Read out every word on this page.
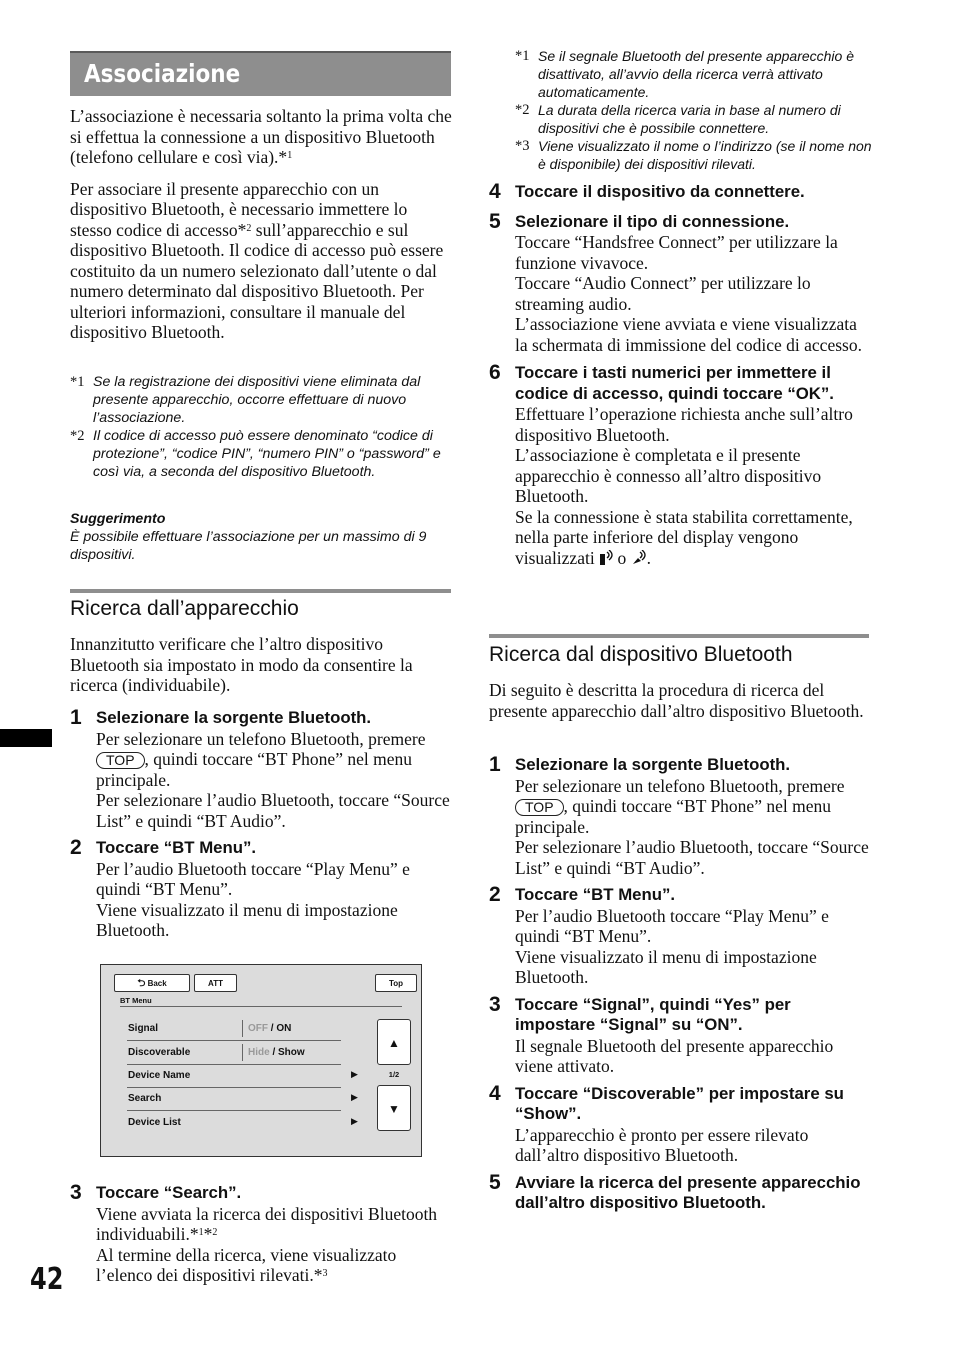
Associazione

L’associazione è necessaria soltanto la prima volta che si effettua la connessione a un dispositivo Bluetooth (telefono cellulare e così via).*$^1$

Per associare il presente apparecchio con un dispositivo Bluetooth, è necessario immettere lo stesso codice di accesso*$^2$ sull’apparecchio e sul dispositivo Bluetooth. Il codice di accesso può essere costituito da un numero selezionato dall’utente o dal numero determinato dal dispositivo Bluetooth. Per ulteriori informazioni, consultare il manuale del dispositivo Bluetooth.

*1 Se la registrazione dei dispositivi viene eliminata dal presente apparecchio, occorre effettuare di nuovo l’associazione.
*2 Il codice di accesso può essere denominato “codice di protezione”, “codice PIN”, “numero PIN” o “password” e così via, a seconda del dispositivo Bluetooth.
Suggerimento
È possibile effettuare l’associazione per un massimo di 9 dispositivi.
Ricerca dall’apparecchio
Innanzitutto verificare che l’altro dispositivo Bluetooth sia impostato in modo da consentire la ricerca (individuabile).
1 Selezionare la sorgente Bluetooth.

Per selezionare un telefono Bluetooth, premere TOP , quindi toccare “BT Phone” nel menu principale.

Per selezionare l’audio Bluetooth, toccare “Source List” e quindi “BT Audio”.

2 Toccare “BT Menu”.

Per l’audio Bluetooth toccare “Play Menu” e quindi “BT Menu”.

Viene visualizzato il menu di impostazione Bluetooth.

⮌ Back	ATT	Top
BT Menu
Signal	OFF / ON
Discoverable	Hide / Show
Device Name
Search
Device List
▶
▶
▶
▲
1/2
▼
3 Toccare “Search”.

Viene avviata la ricerca dei dispositivi Bluetooth individuabili.*$^1$*$^2$

Al termine della ricerca, viene visualizzato l’elenco dei dispositivi rilevati.*$^3$

42
*1 Se il segnale Bluetooth del presente apparecchio è disattivato, all’avvio della ricerca verrà attivato automaticamente.
*2 La durata della ricerca varia in base al numero di dispositivi che è possibile connettere.
*3 Viene visualizzato il nome o l’indirizzo (se il nome non è disponibile) dei dispositivi rilevati.
4 Toccare il dispositivo da connettere.
5 Selezionare il tipo di connessione.

Toccare “Handsfree Connect” per utilizzare la funzione vivavoce.

Toccare “Audio Connect” per utilizzare lo streaming audio.

L’associazione viene avviata e viene visualizzata la schermata di immissione del codice di accesso.

6 Toccare i tasti numerici per immettere il codice di accesso, quindi toccare “OK”.

Effettuare l’operazione richiesta anche sull’altro dispositivo Bluetooth.

L’associazione è completata e il presente apparecchio è connesso all’altro dispositivo Bluetooth.

Se la connessione è stata stabilita correttamente, nella parte inferiore del display vengono visualizzati  o .

Ricerca dal dispositivo Bluetooth
Di seguito è descritta la procedura di ricerca del presente apparecchio dall’altro dispositivo Bluetooth.
1 Selezionare la sorgente Bluetooth.

Per selezionare un telefono Bluetooth, premere TOP , quindi toccare “BT Phone” nel menu principale.

Per selezionare l’audio Bluetooth, toccare “Source List” e quindi “BT Audio”.

2 Toccare “BT Menu”.

Per l’audio Bluetooth toccare “Play Menu” e quindi “BT Menu”.

Viene visualizzato il menu di impostazione Bluetooth.

3 Toccare “Signal”, quindi “Yes” per impostare “Signal” su “ON”.

Il segnale Bluetooth del presente apparecchio viene attivato.

4 Toccare “Discoverable” per impostare su “Show”.

L’apparecchio è pronto per essere rilevato dall’altro dispositivo Bluetooth.

5 Avviare la ricerca del presente apparecchio dall’altro dispositivo Bluetooth.
